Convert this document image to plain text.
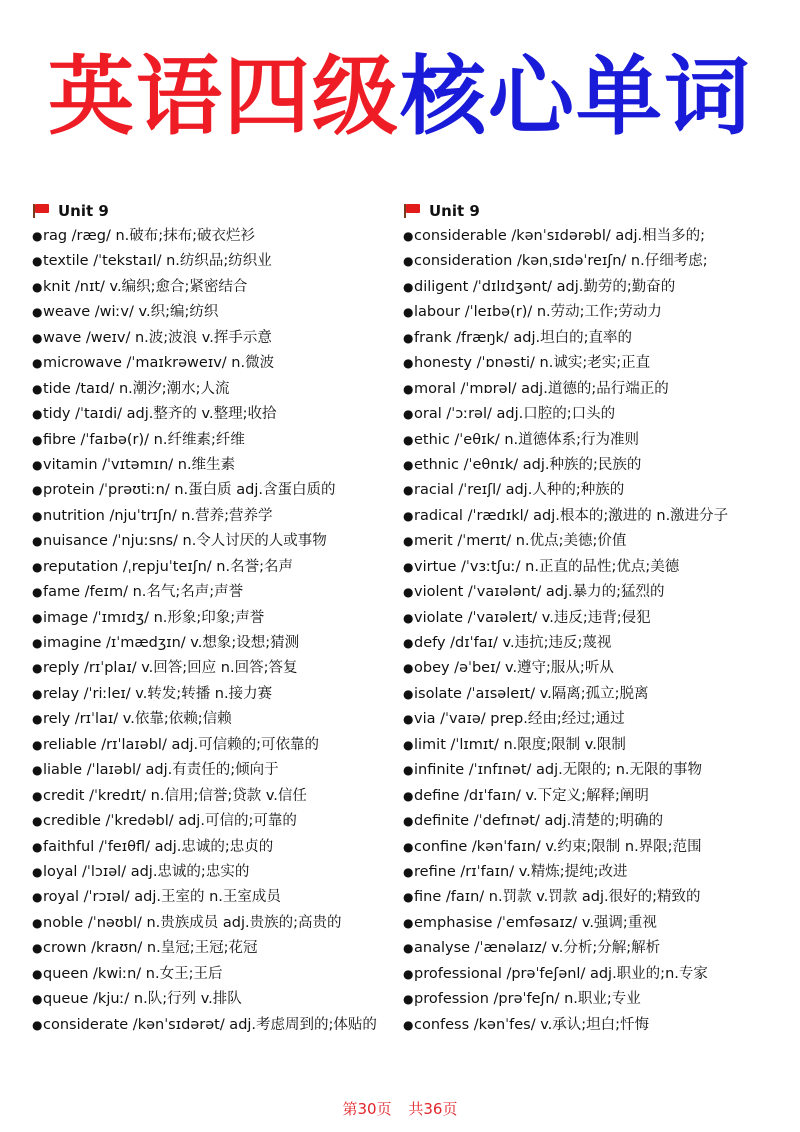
英语四级核心单词
Unit 9
● rag /ræg/ n.破布;抹布;破衣烂衫
● textile /ˈtekstaɪl/ n.纺织品;纺织业
● knit /nɪt/ v.编织;愈合;紧密结合
● weave /wiːv/ v.织;编;纺织
● wave /weɪv/ n.波;波浪 v.挥手示意
● microwave /ˈmaɪkrəweɪv/ n.微波
● tide /taɪd/ n.潮汐;潮水;人流
● tidy /ˈtaɪdi/ adj.整齐的 v.整理;收拾
● fibre /ˈfaɪbə(r)/ n.纤维素;纤维
● vitamin /ˈvɪtəmɪn/ n.维生素
● protein /ˈprəʊtiːn/ n.蛋白质 adj.含蛋白质的
● nutrition /njuˈtrɪʃn/ n.营养;营养学
● nuisance /ˈnjuːsns/ n.令人讨厌的人或事物
● reputation /ˌrepjuˈteɪʃn/ n.名誉;名声
● fame /feɪm/ n.名气;名声;声誉
● image /ˈɪmɪdʒ/ n.形象;印象;声誉
● imagine /ɪˈmædʒɪn/ v.想象;设想;猜测
● reply /rɪˈplaɪ/ v.回答;回应 n.回答;答复
● relay /ˈriːleɪ/ v.转发;转播 n.接力赛
● rely /rɪˈlaɪ/ v.依靠;依赖;信赖
● reliable /rɪˈlaɪəbl/ adj.可信赖的;可依靠的
● liable /ˈlaɪəbl/ adj.有责任的;倾向于
● credit /ˈkredɪt/ n.信用;信誉;贷款 v.信任
● credible /ˈkredəbl/ adj.可信的;可靠的
● faithful /ˈfeɪθfl/ adj.忠诚的;忠贞的
● loyal /ˈlɔɪəl/ adj.忠诚的;忠实的
● royal /ˈrɔɪəl/ adj.王室的 n.王室成员
● noble /ˈnəʊbl/ n.贵族成员 adj.贵族的;高贵的
● crown /kraʊn/ n.皇冠;王冠;花冠
● queen /kwiːn/ n.女王;王后
● queue /kjuː/ n.队;行列 v.排队
● considerate /kənˈsɪdərət/ adj.考虑周到的;体贴的
Unit 9
● considerable /kənˈsɪdərəbl/ adj.相当多的;
● consideration /kənˌsɪdəˈreɪʃn/ n.仔细考虑;
● diligent /ˈdɪlɪdʒənt/ adj.勤劳的;勤奋的
● labour /ˈleɪbə(r)/ n.劳动;工作;劳动力
● frank /fræŋk/ adj.坦白的;直率的
● honesty /ˈɒnəsti/ n.诚实;老实;正直
● moral /ˈmɒrəl/ adj.道德的;品行端正的
● oral /ˈɔːrəl/ adj.口腔的;口头的
● ethic /ˈeθɪk/ n.道德体系;行为准则
● ethnic /ˈeθnɪk/ adj.种族的;民族的
● racial /ˈreɪʃl/ adj.人种的;种族的
● radical /ˈrædɪkl/ adj.根本的;激进的 n.激进分子
● merit /ˈmerɪt/ n.优点;美德;价值
● virtue /ˈvɜːtʃuː/ n.正直的品性;优点;美德
● violent /ˈvaɪələnt/ adj.暴力的;猛烈的
● violate /ˈvaɪəleɪt/ v.违反;违背;侵犯
● defy /dɪˈfaɪ/ v.违抗;违反;蔑视
● obey /əˈbeɪ/ v.遵守;服从;听从
● isolate /ˈaɪsəleɪt/ v.隔离;孤立;脱离
● via /ˈvaɪə/ prep.经由;经过;通过
● limit /ˈlɪmɪt/ n.限度;限制 v.限制
● infinite /ˈɪnfɪnət/ adj.无限的; n.无限的事物
● define /dɪˈfaɪn/ v.下定义;解释;阐明
● definite /ˈdefɪnət/ adj.清楚的;明确的
● confine /kənˈfaɪn/ v.约束;限制 n.界限;范围
● refine /rɪˈfaɪn/ v.精炼;提纯;改进
● fine /faɪn/ n.罚款 v.罚款 adj.很好的;精致的
● emphasise /ˈemfəsaɪz/ v.强调;重视
● analyse /ˈænəlaɪz/ v.分析;分解;解析
● professional /prəˈfeʃənl/ adj.职业的;n.专家
● profession /prəˈfeʃn/ n.职业;专业
● confess /kənˈfes/ v.承认;坦白;忏悔
第30页 共36页
